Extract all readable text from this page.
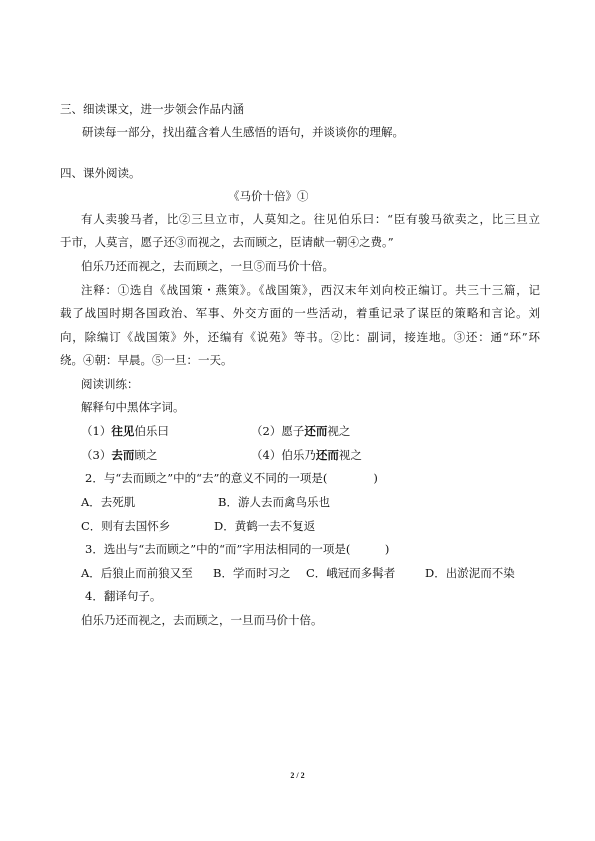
三、细读课文，进一步领会作品内涵
研读每一部分，找出蕴含着人生感悟的语句，并谈谈你的理解。
四、课外阅读。
《马价十倍》①
有人卖骏马者，比②三旦立市，人莫知之。往见伯乐曰：“臣有骏马欲卖之，比三旦立
于市，人莫言，愿子还③而视之，去而顾之，臣请献一朝④之费。”
伯乐乃还而视之，去而顾之，一旦⑤而马价十倍。
注释：①选自《战国策・燕策》。《战国策》，西汉末年刘向校正编订。共三十三篇，记
载了战国时期各国政治、军事、外交方面的一些活动，着重记录了谋臣的策略和言论。刘
向，除编订《战国策》外，还编有《说苑》等书。②比：副词，接连地。③还：通“环”环
绕。④朝：早晨。⑤一旦：一天。
阅读训练：
解释句中黑体字词。
（1）往见伯乐曰	（2）愿子还而视之
（3）去而顾之	（4）伯乐乃还而视之
2．与“去而顾之”中的“去”的意义不同的一项是(　　　　)
A．去死肌	B．游人去而禽鸟乐也
C．则有去国怀乡	D．黄鹤一去不复返
3．选出与“去而顾之”中的“而”字用法相同的一项是(　　　)
A．后狼止而前狼又至 B．学而时习之 C．峨冠而多髯者	D．出淤泥而不染
4．翻译句子。
伯乐乃还而视之，去而顾之，一旦而马价十倍。
2 / 2
